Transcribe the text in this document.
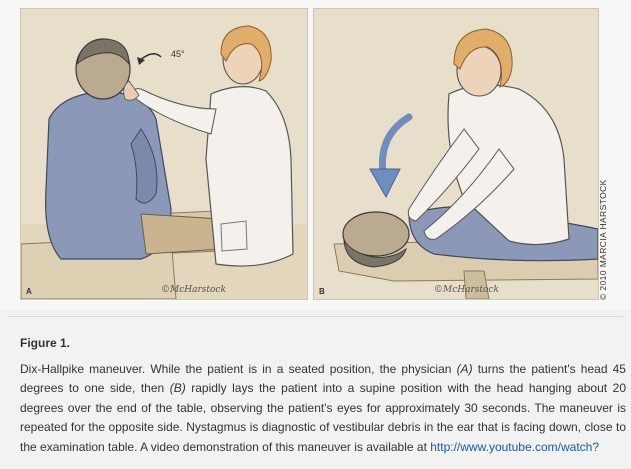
45°
A	©McHarstock	B	©McHarstock	© 2010 MARCIA HARSTOCK
Figure 1.
Dix-Hallpike maneuver. While the patient is in a seated position, the physician (A) turns the patient's head 45 degrees to one side, then (B) rapidly lays the patient into a supine position with the head hanging about 20 degrees over the end of the table, observing the patient's eyes for approximately 30 seconds. The maneuver is repeated for the opposite side. Nystagmus is diagnostic of vestibular debris in the ear that is facing down, close to the examination table. A video demonstration of this maneuver is available at http://www.youtube.com/watch?
